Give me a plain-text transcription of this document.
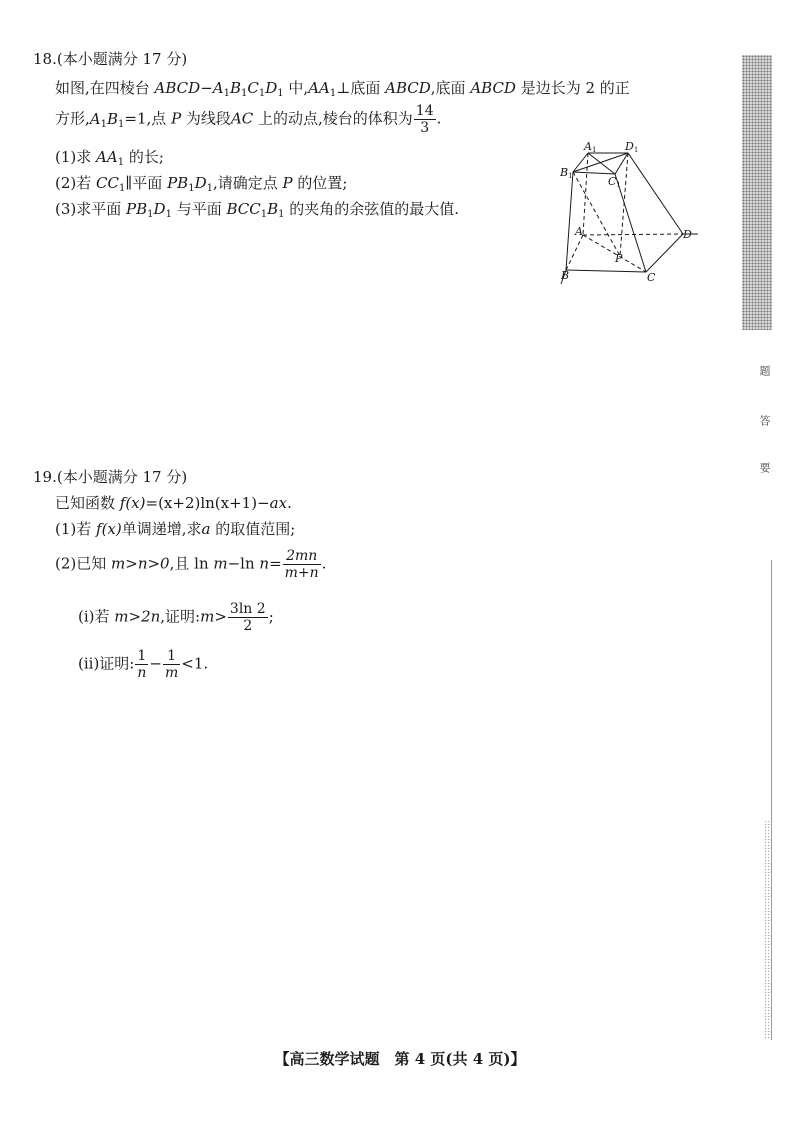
题
答
要
18.(本小题满分 17 分)
如图,在四棱台 $ABCD-A_1B_1C_1D_1$ 中$,AA_1\perp$底面 ABCD,底面 ABCD 是边长为 2 的正
方形$,A_1B_1=1$,点 P 为线段AC 上的动点,棱台的体积为 $\frac{14}{3}$ .
(1)求 $AA_1$ 的长;
(2)若 $CC_1\parallel$平面 $PB_1D_1$,请确定点 P 的位置;
(3)求平面 $PB_1D_1$ 与平面 $BCC_1B_1$ 的夹角的余弦值的最大值.
A1	D1
B1	C1
A
P
D
B	C
19.(本小题满分 17 分)
已知函数 f(x)=(x+2)ln(x+1)−ax.
(1)若 f(x)单调递增,求a 的取值范围;
(2)已知 m>n>0,且 ln m−ln $n= \frac{2mn}{m+n}$ .
(i)若 m>2n,证明:m> $\frac{3\ln 2}{2}$ ;
(ii)证明: $\frac{1}{n} - \frac{1}{m} <1$.
【高三数学试题　第 4 页(共 4 页)】
